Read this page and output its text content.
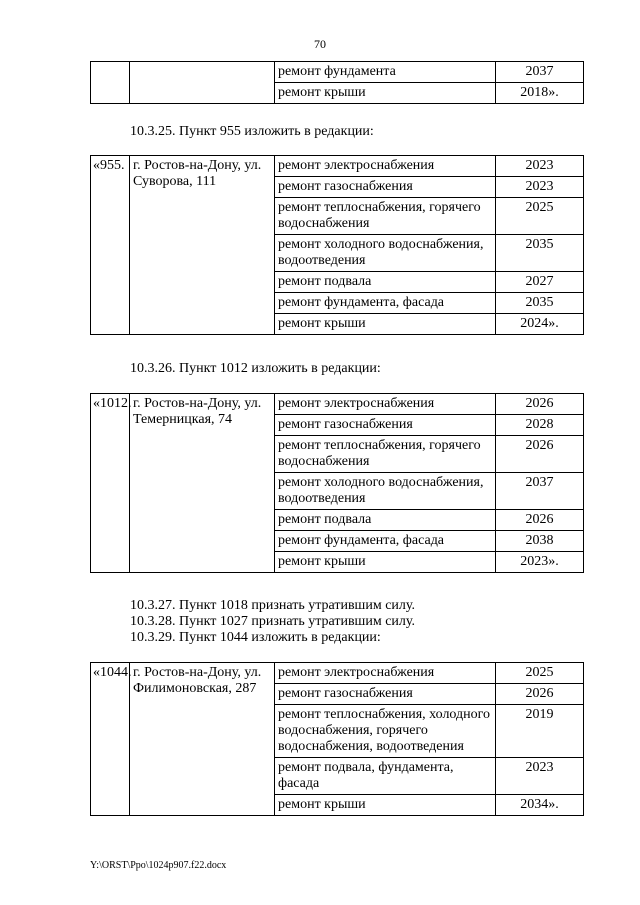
70
		ремонт фундамента	2037
		ремонт крыши	2018».
10.3.25. Пункт 955 изложить в редакции:
«955.	г. Ростов-на-Дону, ул. Суворова, 111	ремонт электроснабжения	2023
		ремонт газоснабжения	2023
		ремонт теплоснабжения, горячего водоснабжения	2025
		ремонт холодного водоснабжения, водоотведения	2035
		ремонт подвала	2027
		ремонт фундамента, фасада	2035
		ремонт крыши	2024».
10.3.26. Пункт 1012 изложить в редакции:
«1012.	г. Ростов-на-Дону, ул. Темерницкая, 74	ремонт электроснабжения	2026
		ремонт газоснабжения	2028
		ремонт теплоснабжения, горячего водоснабжения	2026
		ремонт холодного водоснабжения, водоотведения	2037
		ремонт подвала	2026
		ремонт фундамента, фасада	2038
		ремонт крыши	2023».
10.3.27. Пункт 1018 признать утратившим силу.
10.3.28. Пункт 1027 признать утратившим силу.
10.3.29. Пункт 1044 изложить в редакции:
«1044.	г. Ростов-на-Дону, ул. Филимоновская, 287	ремонт электроснабжения	2025
		ремонт газоснабжения	2026
		ремонт теплоснабжения, холодного водоснабжения, горячего водоснабжения, водоотведения	2019
		ремонт подвала, фундамента, фасада	2023
		ремонт крыши	2034».
Y:\ORST\Ppo\1024p907.f22.docx
